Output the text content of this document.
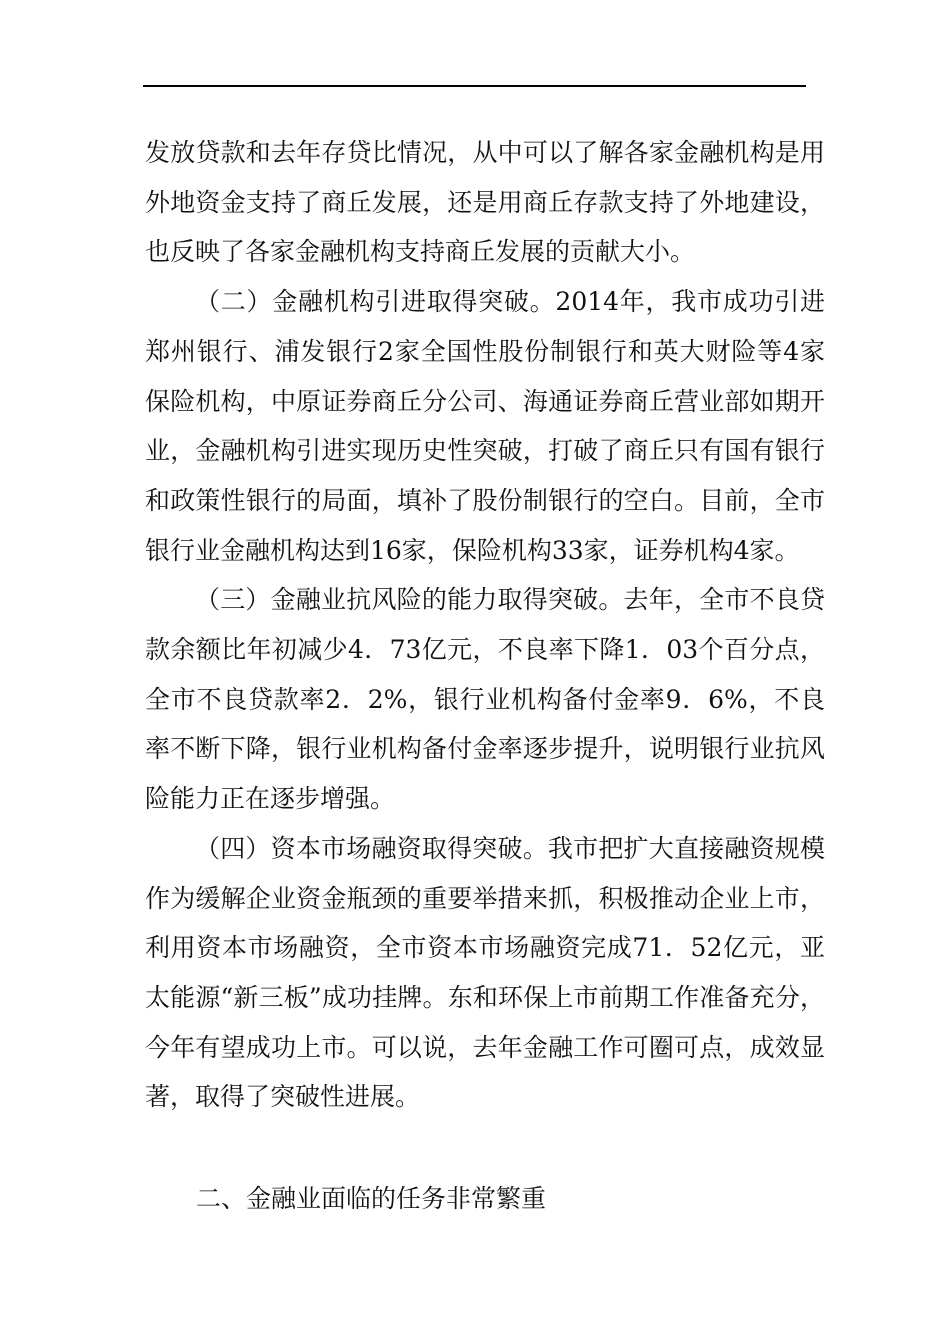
发放贷款和去年存贷比情况，从中可以了解各家金融机构是用外地资金支持了商丘发展，还是用商丘存款支持了外地建设，也反映了各家金融机构支持商丘发展的贡献大小。

（二）金融机构引进取得突破。2014年，我市成功引进郑州银行、浦发银行2家全国性股份制银行和英大财险等4家保险机构，中原证券商丘分公司、海通证券商丘营业部如期开业，金融机构引进实现历史性突破，打破了商丘只有国有银行和政策性银行的局面，填补了股份制银行的空白。目前，全市银行业金融机构达到16家，保险机构33家，证券机构4家。

（三）金融业抗风险的能力取得突破。去年，全市不良贷款余额比年初减少4．73亿元，不良率下降1．03个百分点，全市不良贷款率2．2%，银行业机构备付金率9．6%，不良率不断下降，银行业机构备付金率逐步提升，说明银行业抗风险能力正在逐步增强。

（四）资本市场融资取得突破。我市把扩大直接融资规模作为缓解企业资金瓶颈的重要举措来抓，积极推动企业上市，利用资本市场融资，全市资本市场融资完成71．52亿元，亚太能源“新三板”成功挂牌。东和环保上市前期工作准备充分，今年有望成功上市。可以说，去年金融工作可圈可点，成效显著，取得了突破性进展。

二、金融业面临的任务非常繁重
